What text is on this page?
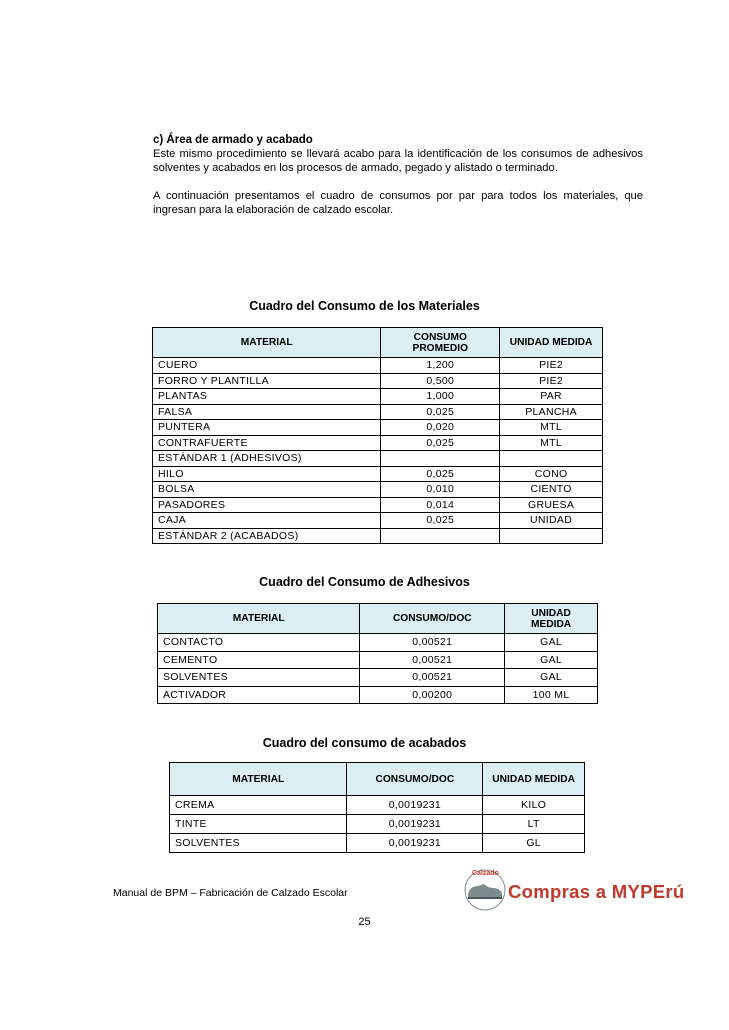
c) Área de armado y acabado

Este mismo procedimiento se llevará acabo para la identificación de los consumos de adhesivos solventes y acabados en los procesos de armado, pegado y alistado o terminado.

A continuación presentamos el cuadro de consumos por par para todos los materiales, que ingresan para la elaboración de calzado escolar.

Cuadro del Consumo de los Materiales
MATERIAL	CONSUMO PROMEDIO	UNIDAD MEDIDA
CUERO	1,200	PIE2
FORRO Y PLANTILLA	0,500	PIE2
PLANTAS	1,000	PAR
FALSA	0,025	PLANCHA
PUNTERA	0,020	MTL
CONTRAFUERTE	0,025	MTL
ESTÁNDAR 1 (ADHESIVOS)		
HILO	0,025	CONO
BOLSA	0,010	CIENTO
PASADORES	0,014	GRUESA
CAJA	0,025	UNIDAD
ESTÁNDAR 2 (ACABADOS)		
Cuadro del Consumo de Adhesivos
MATERIAL	CONSUMO/DOC	UNIDAD MEDIDA
CONTACTO	0,00521	GAL
CEMENTO	0,00521	GAL
SOLVENTES	0,00521	GAL
ACTIVADOR	0,00200	100 ML
Cuadro del consumo de acabados
MATERIAL	CONSUMO/DOC	UNIDAD MEDIDA
CREMA	0,0019231	KILO
TINTE	0,0019231	LT
SOLVENTES	0,0019231	GL
Manual de BPM – Fabricación de Calzado Escolar
Calzado
Compras a MYPErú
25
